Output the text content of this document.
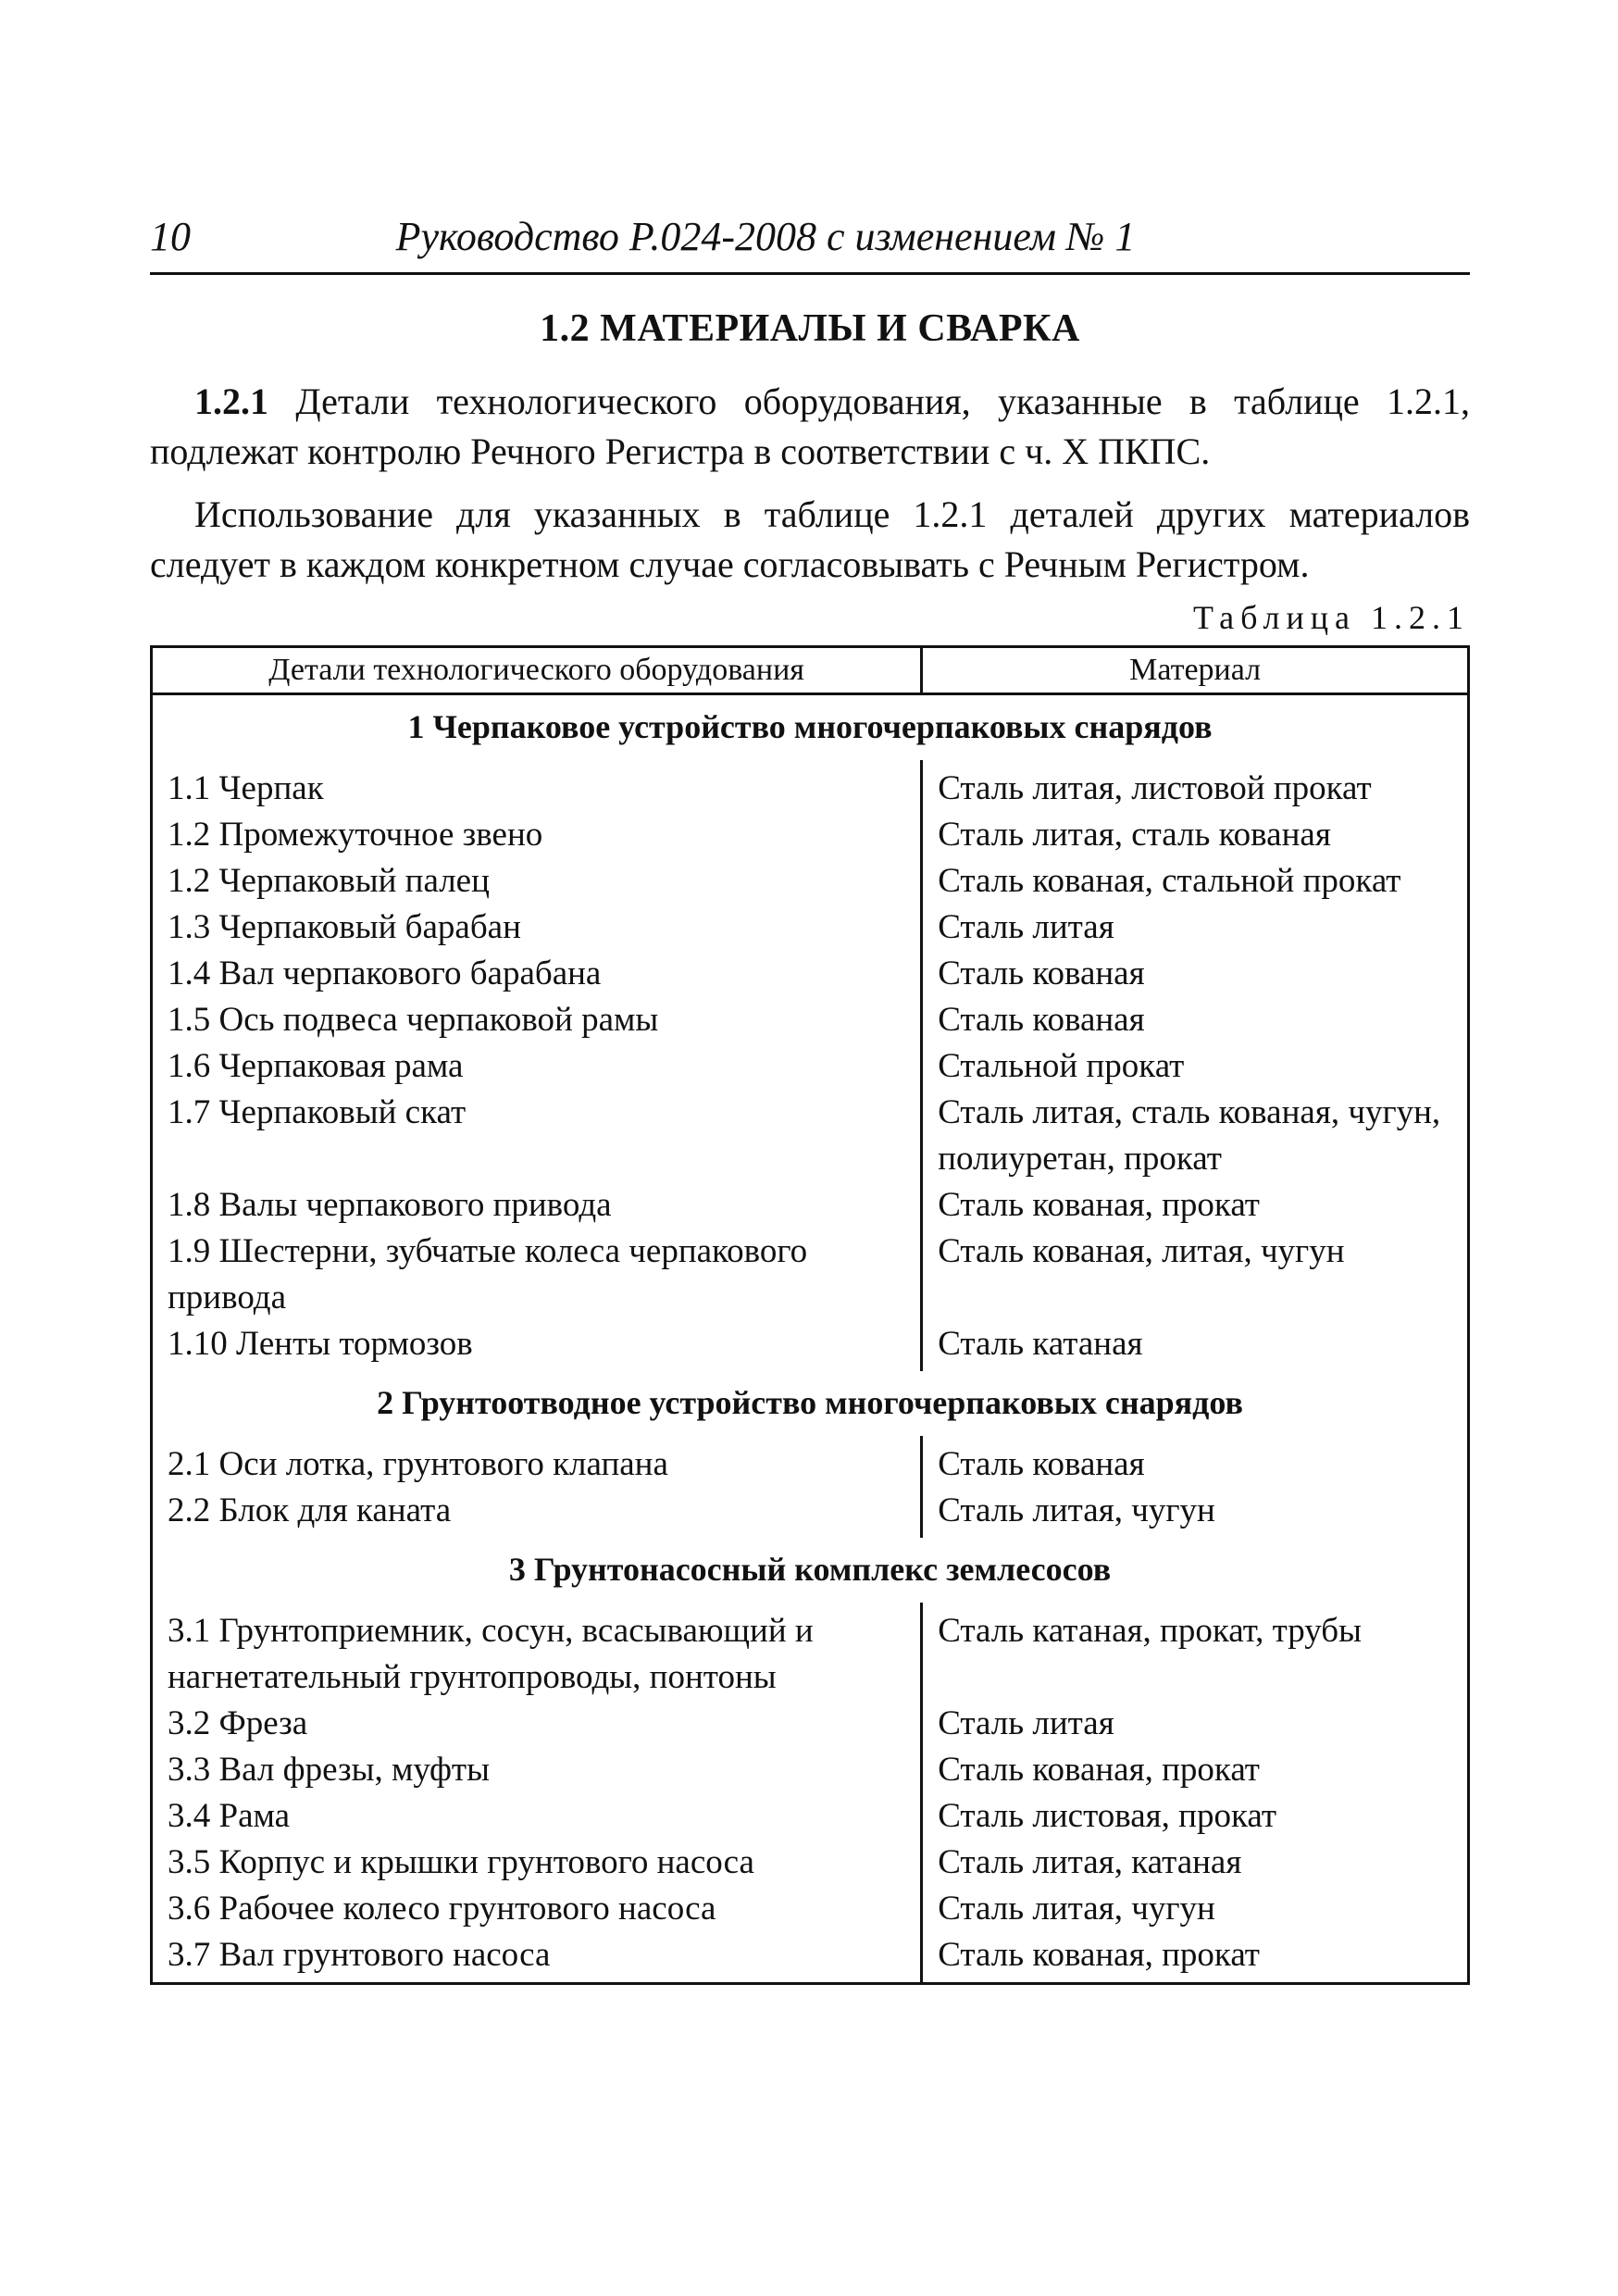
10	Руководство Р.024-2008 с изменением № 1
1.2 МАТЕРИАЛЫ И СВАРКА

1.2.1 Детали технологического оборудования, указанные в таблице 1.2.1, подлежат контролю Речного Регистра в соответствии с ч. X ПКПС.

Использование для указанных в таблице 1.2.1 деталей других материалов следует в каждом конкретном случае согласовывать с Речным Регистром.

Таблица 1.2.1
Детали технологического оборудования	Материал
1 Черпаковое устройство многочерпаковых снарядов	
1.1 Черпак	Сталь литая, листовой прокат
1.2 Промежуточное звено	Сталь литая, сталь кованая
1.2 Черпаковый палец	Сталь кованая, стальной прокат
1.3 Черпаковый барабан	Сталь литая
1.4 Вал черпакового барабана	Сталь кованая
1.5 Ось подвеса черпаковой рамы	Сталь кованая
1.6 Черпаковая рама	Стальной прокат
1.7 Черпаковый скат	Сталь литая, сталь кованая, чугун, полиуретан, прокат
1.8 Валы черпакового привода	Сталь кованая, прокат
1.9 Шестерни, зубчатые колеса черпакового привода	Сталь кованая, литая, чугун
1.10 Ленты тормозов	Сталь катаная
2 Грунтоотводное устройство многочерпаковых снарядов	
2.1 Оси лотка, грунтового клапана	Сталь кованая
2.2 Блок для каната	Сталь литая, чугун
3 Грунтонасосный комплекс землесосов	
3.1 Грунтоприемник, сосун, всасывающий и нагнетательный грунтопроводы, понтоны	Сталь катаная, прокат, трубы
3.2 Фреза	Сталь литая
3.3 Вал фрезы, муфты	Сталь кованая, прокат
3.4 Рама	Сталь листовая, прокат
3.5 Корпус и крышки грунтового насоса	Сталь литая, катаная
3.6 Рабочее колесо грунтового насоса	Сталь литая, чугун
3.7 Вал грунтового насоса	Сталь кованая, прокат
